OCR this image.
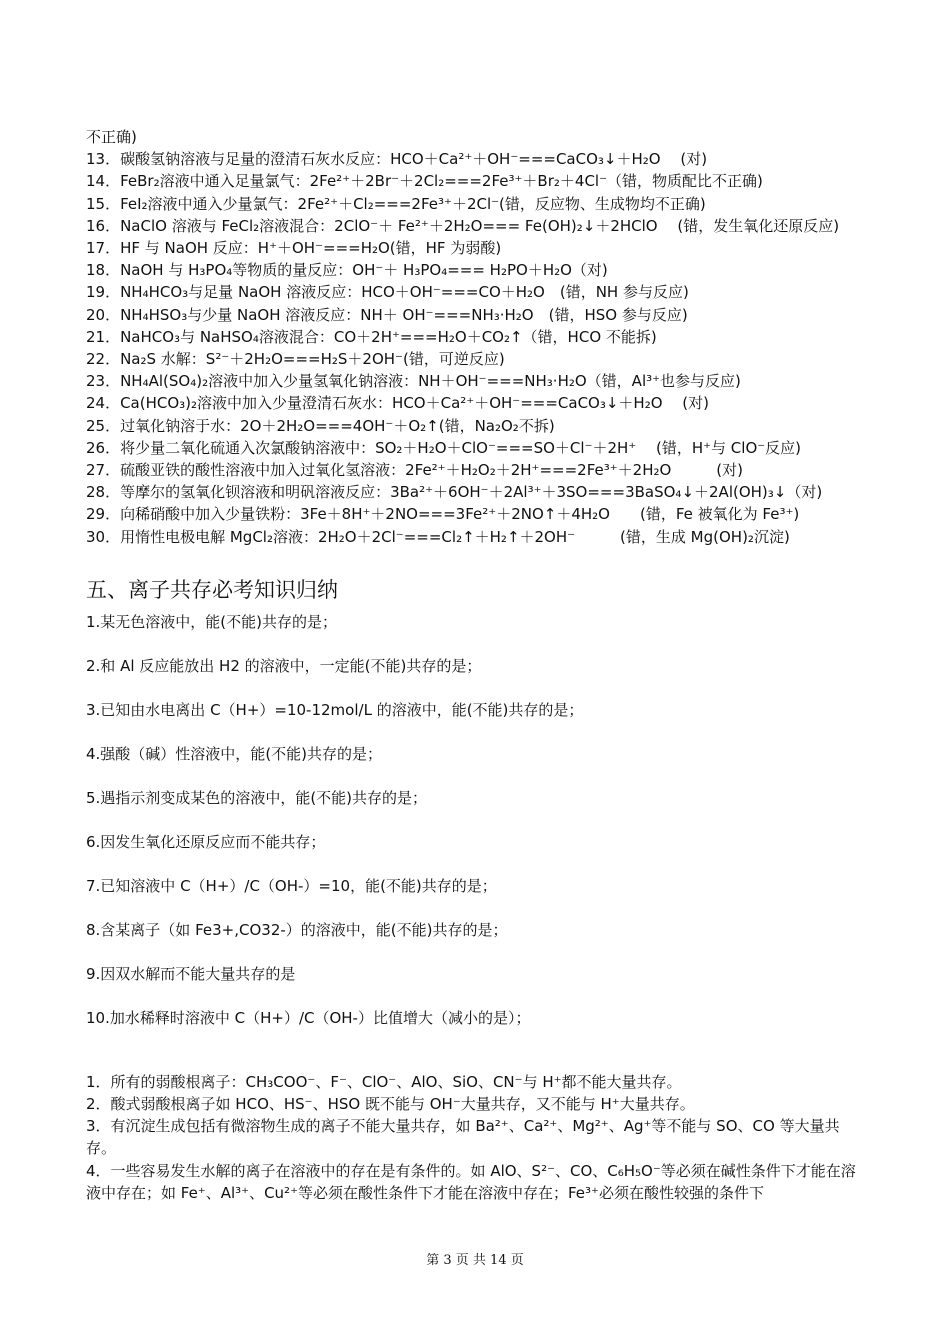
不正确)
13．碳酸氢钠溶液与足量的澄清石灰水反应：HCO＋Ca²⁺＋OH⁻===CaCO₃↓＋H₂O　 (对)
14．FeBr₂溶液中通入足量氯气：2Fe²⁺＋2Br⁻＋2Cl₂===2Fe³⁺＋Br₂＋4Cl⁻（错，物质配比不正确)
15．FeI₂溶液中通入少量氯气：2Fe²⁺＋Cl₂===2Fe³⁺＋2Cl⁻(错，反应物、生成物均不正确)
16．NaClO 溶液与 FeCl₂溶液混合：2ClO⁻＋ Fe²⁺＋2H₂O=== Fe(OH)₂↓＋2HClO　 (错，发生氧化还原反应)
17．HF 与 NaOH 反应：H⁺＋OH⁻===H₂O(错，HF 为弱酸)
18．NaOH 与 H₃PO₄等物质的量反应：OH⁻＋ H₃PO₄=== H₂PO＋H₂O（对)
19．NH₄HCO₃与足量 NaOH 溶液反应：HCO＋OH⁻===CO＋H₂O　(错，NH 参与反应)
20．NH₄HSO₃与少量 NaOH 溶液反应：NH＋ OH⁻===NH₃·H₂O　(错，HSO 参与反应)
21．NaHCO₃与 NaHSO₄溶液混合：CO＋2H⁺===H₂O＋CO₂↑（错，HCO 不能拆)
22．Na₂S 水解：S²⁻＋2H₂O===H₂S＋2OH⁻(错，可逆反应)
23．NH₄Al(SO₄)₂溶液中加入少量氢氧化钠溶液：NH＋OH⁻===NH₃·H₂O（错，Al³⁺也参与反应)
24．Ca(HCO₃)₂溶液中加入少量澄清石灰水：HCO＋Ca²⁺＋OH⁻===CaCO₃↓＋H₂O　 (对)
25．过氧化钠溶于水：2O＋2H₂O===4OH⁻＋O₂↑(错，Na₂O₂不拆)
26．将少量二氧化硫通入次氯酸钠溶液中：SO₂＋H₂O＋ClO⁻===SO＋Cl⁻＋2H⁺　 (错，H⁺与 ClO⁻反应)
27．硫酸亚铁的酸性溶液中加入过氧化氢溶液：2Fe²⁺＋H₂O₂＋2H⁺===2Fe³⁺＋2H₂O　　　(对)
28．等摩尔的氢氧化钡溶液和明矾溶液反应：3Ba²⁺＋6OH⁻＋2Al³⁺＋3SO===3BaSO₄↓＋2Al(OH)₃↓（对)
29．向稀硝酸中加入少量铁粉：3Fe＋8H⁺＋2NO===3Fe²⁺＋2NO↑＋4H₂O　　(错，Fe 被氧化为 Fe³⁺)
30．用惰性电极电解 MgCl₂溶液：2H₂O＋2Cl⁻===Cl₂↑＋H₂↑＋2OH⁻　　　(错，生成 Mg(OH)₂沉淀)
五、离子共存必考知识归纳
1.某无色溶液中，能(不能)共存的是；
2.和 Al 反应能放出 H2 的溶液中，一定能(不能)共存的是；
3.已知由水电离出 C（H+）=10-12mol/L 的溶液中，能(不能)共存的是；
4.强酸（碱）性溶液中，能(不能)共存的是；
5.遇指示剂变成某色的溶液中，能(不能)共存的是；
6.因发生氧化还原反应而不能共存；
7.已知溶液中 C（H+）/C（OH-）=10，能(不能)共存的是；
8.含某离子（如 Fe3+,CO32-）的溶液中，能(不能)共存的是；
9.因双水解而不能大量共存的是
10.加水稀释时溶液中 C（H+）/C（OH-）比值增大（减小的是）；
1．所有的弱酸根离子：CH₃COO⁻、F⁻、ClO⁻、AlO、SiO、CN⁻与 H⁺都不能大量共存。
2．酸式弱酸根离子如 HCO、HS⁻、HSO 既不能与 OH⁻大量共存，又不能与 H⁺大量共存。
3．有沉淀生成包括有微溶物生成的离子不能大量共存，如 Ba²⁺、Ca²⁺、Mg²⁺、Ag⁺等不能与 SO、CO 等大量共存。
4．一些容易发生水解的离子在溶液中的存在是有条件的。如 AlO、S²⁻、CO、C₆H₅O⁻等必须在碱性条件下才能在溶液中存在；如 Fe⁺、Al³⁺、Cu²⁺等必须在酸性条件下才能在溶液中存在；Fe³⁺必须在酸性较强的条件下
第 3 页 共 14 页
